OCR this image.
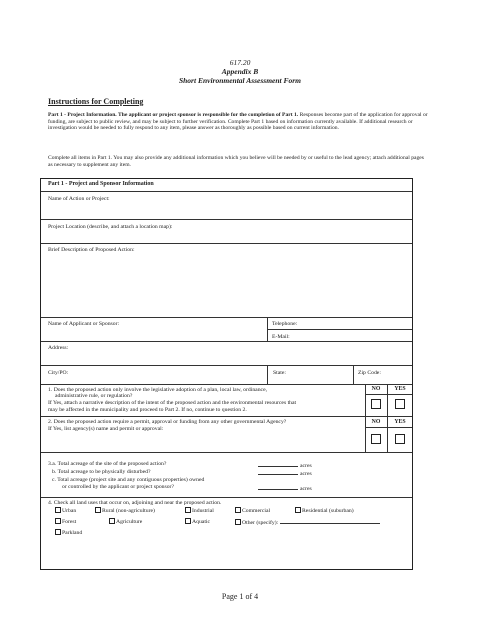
617.20
Appendix B
Short Environmental Assessment Form
Instructions for Completing
Part 1 - Project Information. The applicant or project sponsor is responsible for the completion of Part 1. Responses become part of the application for approval or funding, are subject to public review, and may be subject to further verification. Complete Part 1 based on information currently available. If additional research or investigation would be needed to fully respond to any item, please answer as thoroughly as possible based on current information.
Complete all items in Part 1. You may also provide any additional information which you believe will be needed by or useful to the lead agency; attach additional pages as necessary to supplement any item.
Part 1 - Project and Sponsor Information
Name of Action or Project:
Project Location (describe, and attach a location map):
Brief Description of Proposed Action:
Name of Applicant or Sponsor:	Telephone:
E-Mail:
Address:
City/PO:	State:	Zip Code:
1. Does the proposed action only involve the legislative adoption of a plan, local law, ordinance,
administrative rule, or regulation?
If Yes, attach a narrative description of the intent of the proposed action and the environmental resources that
may be affected in the municipality and proceed to Part 2. If no, continue to question 2.
NO	YES
2. Does the proposed action require a permit, approval or funding from any other governmental Agency?
If Yes, list agency(s) name and permit or approval:
NO	YES
3.a. Total acreage of the site of the proposed action?
b. Total acreage to be physically disturbed?
c. Total acreage (project site and any contiguous properties) owned
or controlled by the applicant or project sponsor?
acres
acres
acres
4. Check all land uses that occur on, adjoining and near the proposed action.
Urban	Rural (non-agriculture)	Industrial	Commercial	Residential (suburban)
Forest	Agriculture	Aquatic	Other (specify):
Parkland
Page 1 of 4
